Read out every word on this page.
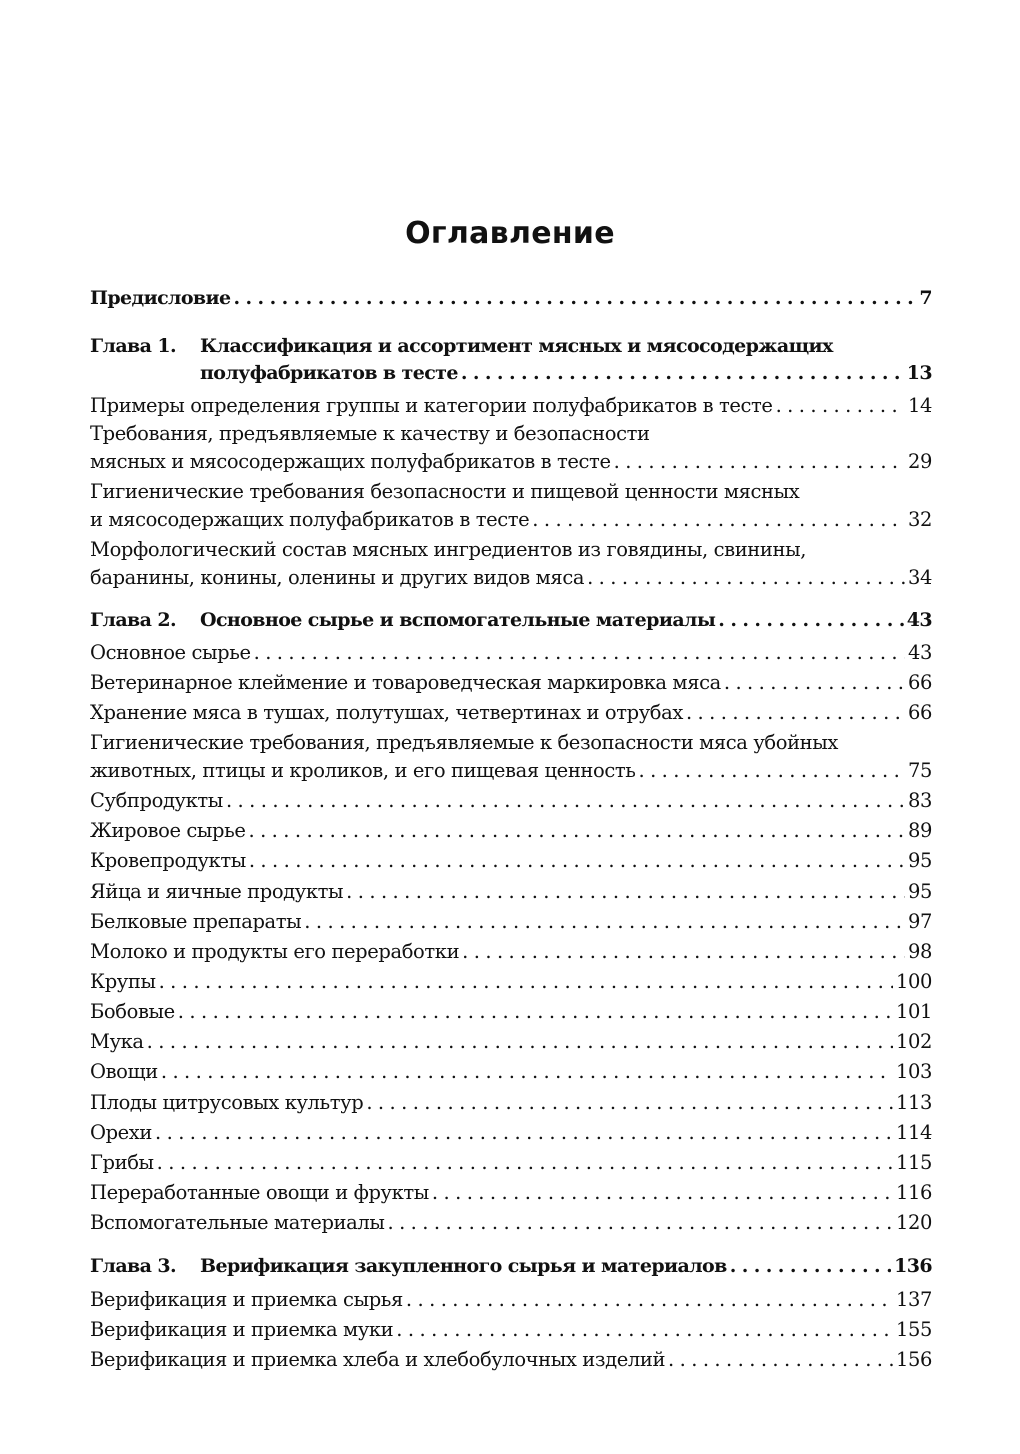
Оглавление
Предисловие . . .	7
Глава 1. Классификация и ассортимент мясных и мясосодержащих
полуфабрикатов в тесте . . .	13
Примеры определения группы и категории полуфабрикатов в тесте . . .	14
Требования, предъявляемые к качеству и безопасности
мясных и мясосодержащих полуфабрикатов в тесте . . .	29
Гигиенические требования безопасности и пищевой ценности мясных
и мясосодержащих полуфабрикатов в тесте . . .	32
Морфологический состав мясных ингредиентов из говядины, свинины,
баранины, конины, оленины и других видов мяса . . .	34
Глава 2.	Основное сырье и вспомогательные материалы . . .	43
Основное сырье . . .	43
Ветеринарное клеймение и товароведческая маркировка мяса . . .	66
Хранение мяса в тушах, полутушах, четвертинах и отрубах . . .	66
Гигиенические требования, предъявляемые к безопасности мяса убойных
животных, птицы и кроликов, и его пищевая ценность . . .	75
Субпродукты . . .	83
Жировое сырье . . .	89
Кровепродукты . . .	95
Яйца и яичные продукты . . .	95
Белковые препараты . . .	97
Молоко и продукты его переработки . . .	98
Крупы . . .	100
Бобовые . . .	101
Мука . . .	102
Овощи . . .	103
Плоды цитрусовых культур . . .	113
Орехи . . .	114
Грибы . . .	115
Переработанные овощи и фрукты . . .	116
Вспомогательные материалы . . .	120
Глава 3.	Верификация закупленного сырья и материалов . . .	136
Верификация и приемка сырья . . .	137
Верификация и приемка муки . . .	155
Верификация и приемка хлеба и хлебобулочных изделий . . .	156
